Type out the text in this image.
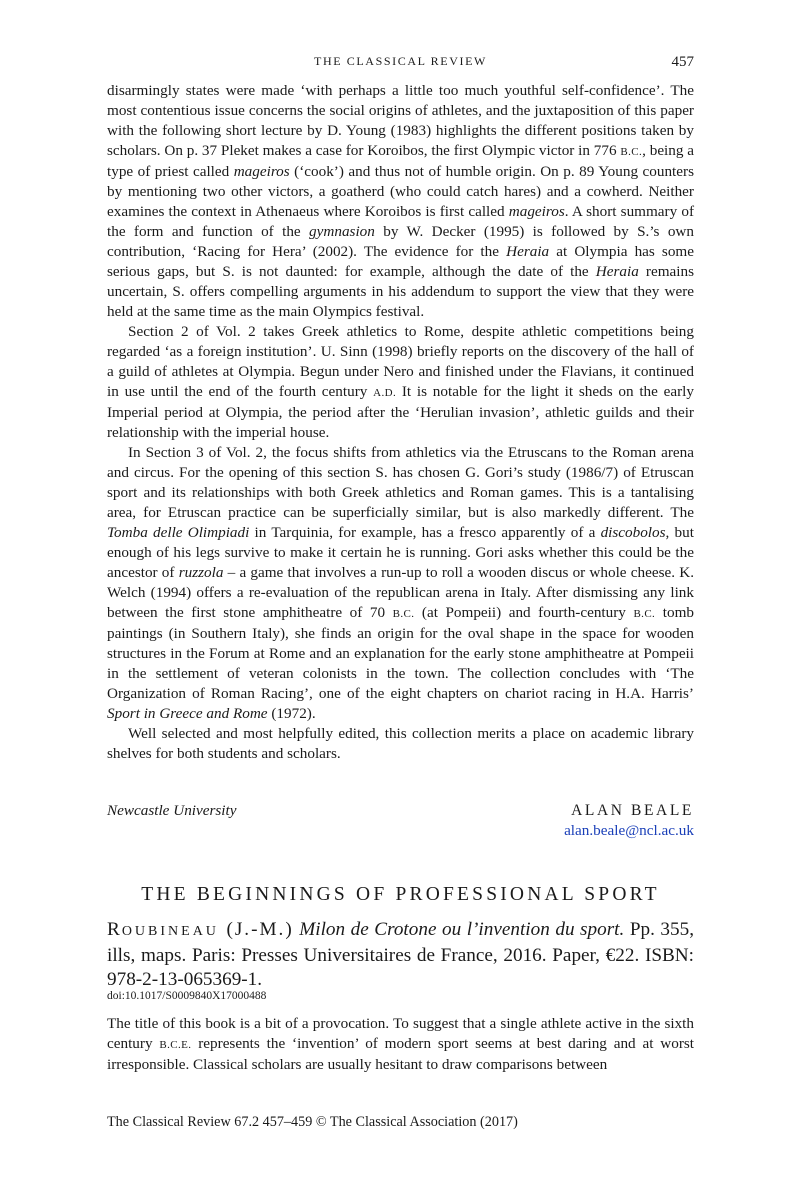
THE CLASSICAL REVIEW	457

disarmingly states were made ‘with perhaps a little too much youthful self-confidence’. The most contentious issue concerns the social origins of athletes, and the juxtaposition of this paper with the following short lecture by D. Young (1983) highlights the different positions taken by scholars. On p. 37 Pleket makes a case for Koroibos, the first Olympic victor in 776 B.C., being a type of priest called mageiros (‘cook’) and thus not of humble origin. On p. 89 Young counters by mentioning two other victors, a goatherd (who could catch hares) and a cowherd. Neither examines the context in Athenaeus where Koroibos is first called mageiros. A short summary of the form and function of the gymnasion by W. Decker (1995) is followed by S.’s own contribution, ‘Racing for Hera’ (2002). The evidence for the Heraia at Olympia has some serious gaps, but S. is not daunted: for example, although the date of the Heraia remains uncertain, S. offers compelling arguments in his addendum to support the view that they were held at the same time as the main Olympics festival.

Section 2 of Vol. 2 takes Greek athletics to Rome, despite athletic competitions being regarded ‘as a foreign institution’. U. Sinn (1998) briefly reports on the discovery of the hall of a guild of athletes at Olympia. Begun under Nero and finished under the Flavians, it continued in use until the end of the fourth century A.D. It is notable for the light it sheds on the early Imperial period at Olympia, the period after the ‘Herulian invasion’, athletic guilds and their relationship with the imperial house.

In Section 3 of Vol. 2, the focus shifts from athletics via the Etruscans to the Roman arena and circus. For the opening of this section S. has chosen G. Gori’s study (1986/7) of Etruscan sport and its relationships with both Greek athletics and Roman games. This is a tantalising area, for Etruscan practice can be superficially similar, but is also markedly different. The Tomba delle Olimpiadi in Tarquinia, for example, has a fresco apparently of a discobolos, but enough of his legs survive to make it certain he is running. Gori asks whether this could be the ancestor of ruzzola – a game that involves a run-up to roll a wooden discus or whole cheese. K. Welch (1994) offers a re-evaluation of the republican arena in Italy. After dismissing any link between the first stone amphitheatre of 70 B.C. (at Pompeii) and fourth-century B.C. tomb paintings (in Southern Italy), she finds an origin for the oval shape in the space for wooden structures in the Forum at Rome and an explanation for the early stone amphitheatre at Pompeii in the settlement of veteran colonists in the town. The collection concludes with ‘The Organization of Roman Racing’, one of the eight chapters on chariot racing in H.A. Harris’ Sport in Greece and Rome (1972).

Well selected and most helpfully edited, this collection merits a place on academic library shelves for both students and scholars.

Newcastle University	ALAN BEALE
alan.beale@ncl.ac.uk
THE BEGINNINGS OF PROFESSIONAL SPORT
ROUBINEAU (J.-M.) Milon de Crotone ou l’invention du sport. Pp. 355, ills, maps. Paris: Presses Universitaires de France, 2016. Paper, €22. ISBN: 978-2-13-065369-1.
doi:10.1017/S0009840X17000488

The title of this book is a bit of a provocation. To suggest that a single athlete active in the sixth century B.C.E. represents the ‘invention’ of modern sport seems at best daring and at worst irresponsible. Classical scholars are usually hesitant to draw comparisons between

The Classical Review 67.2 457–459 © The Classical Association (2017)
